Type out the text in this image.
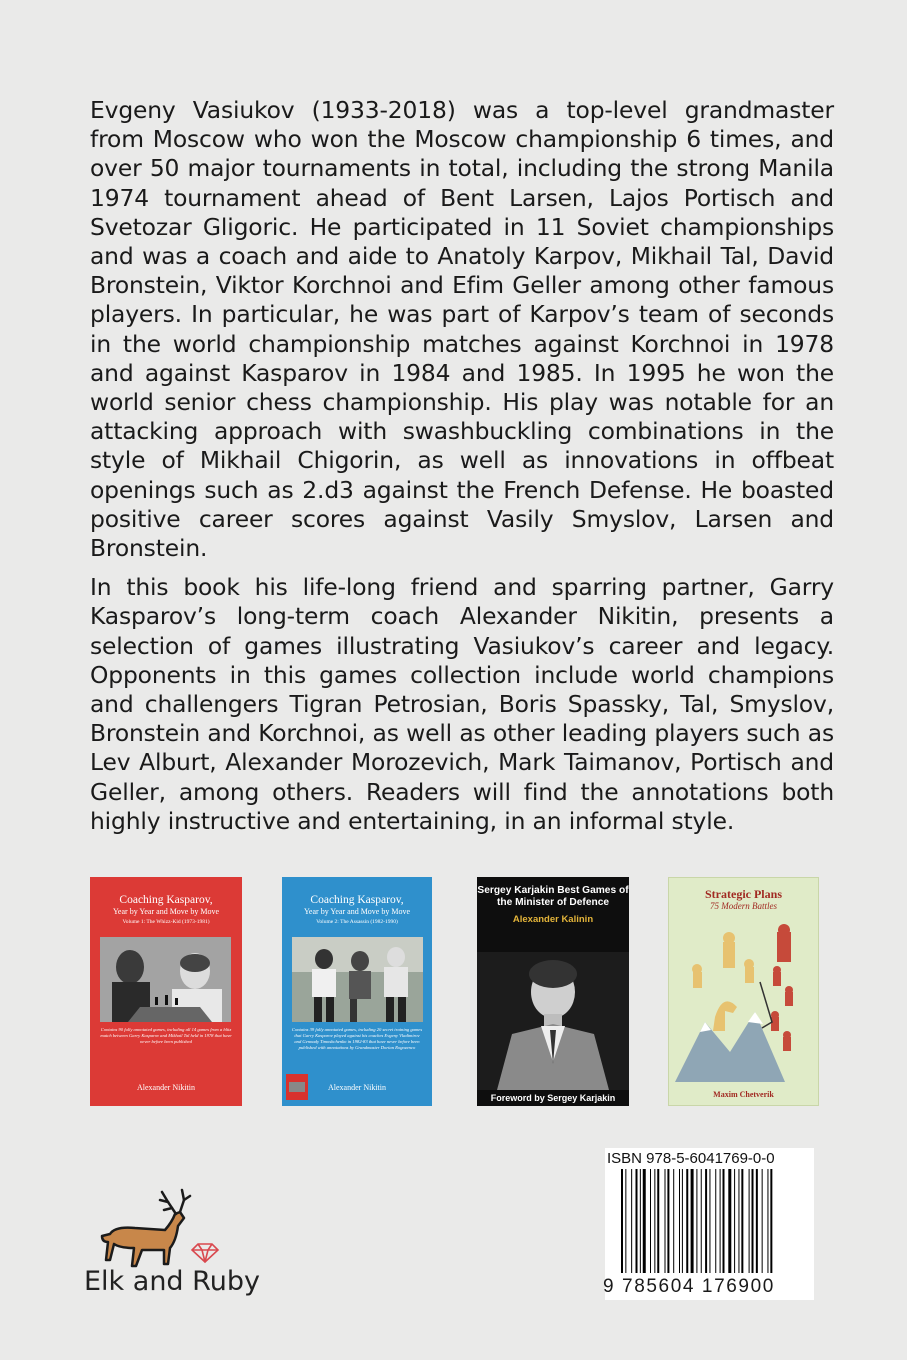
Evgeny Vasiukov (1933-2018) was a top-level grandmaster from Moscow who won the Moscow championship 6 times, and over 50 major tournaments in total, including the strong Manila 1974 tournament ahead of Bent Larsen, Lajos Portisch and Svetozar Gligoric. He participated in 11 Soviet championships and was a coach and aide to Anatoly Karpov, Mikhail Tal, David Bronstein, Viktor Korchnoi and Efim Geller among other famous players. In particular, he was part of Karpov’s team of seconds in the world championship matches against Korchnoi in 1978 and against Kasparov in 1984 and 1985. In 1995 he won the world senior chess championship. His play was notable for an attacking approach with swashbuckling combinations in the style of Mikhail Chigorin, as well as innovations in offbeat openings such as 2.d3 against the French Defense. He boasted positive career scores against Vasily Smyslov, Larsen and Bronstein.

In this book his life-long friend and sparring partner, Garry Kasparov’s long-term coach Alexander Nikitin, presents a selection of games illustrating Vasiukov’s career and legacy. Opponents in this games collection include world champions and challengers Tigran Petrosian, Boris Spassky, Tal, Smyslov, Bronstein and Korchnoi, as well as other leading players such as Lev Alburt, Alexander Morozevich, Mark Taimanov, Portisch and Geller, among others. Readers will find the annotations both highly instructive and entertaining, in an informal style.

Coaching Kasparov,
Year by Year and Move by Move
Volume 1: The Whizz-Kid (1973-1981)
Contains 90 fully annotated games, including all 14 games from a blitz match between Garry Kasparov and Mikhail Tal held in 1978 that have never before been published
Alexander Nikitin
Coaching Kasparov,
Year by Year and Move by Move
Volume 2: The Assassin (1982-1990)
Contains 39 fully annotated games, including 20 secret training games that Garry Kasparov played against his coaches Evgeny Vladimirov and Gennady Timoshchenko in 1982-83 that have never before been published with annotations by Grandmaster Dorian Rogozenco
Alexander Nikitin
Sergey Karjakin Best Games of the Minister of Defence
Alexander Kalinin
Foreword by Sergey Karjakin
Strategic Plans
75 Modern Battles
Maxim Chetverik
Elk and Ruby
ISBN 978-5-6041769-0-0
9 785604 176900
